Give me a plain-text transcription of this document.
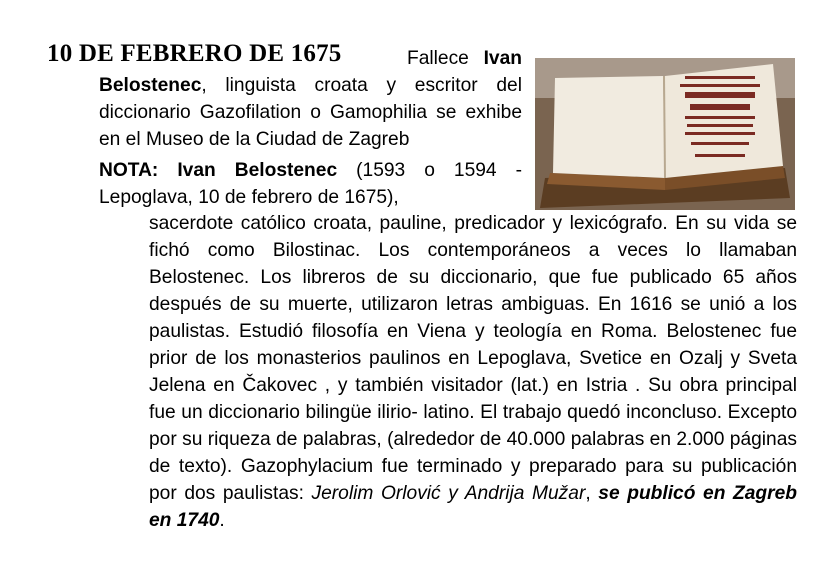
10 DE FEBRERO DE 1675	Fallece Ivan Belostenec, linguista croata y escritor del diccionario Gazofilation o Gamophilia se exhibe en el Museo de la Ciudad de Zagreb

NOTA: Ivan Belostenec (1593 o 1594 - Lepoglava, 10 de febrero de 1675),

sacerdote católico croata, pauline, predicador y lexicógrafo. En su vida se fichó como Bilostinac. Los contemporáneos a veces lo llamaban Belostenec. Los libreros de su diccionario, que fue publicado 65 años después de su muerte, utilizaron letras ambiguas. En 1616 se unió a los paulistas. Estudió filosofía en Viena y teología en Roma. Belostenec fue prior de los monasterios paulinos en Lepoglava, Svetice en Ozalj y Sveta Jelena en Čakovec , y también visitador (lat.) en Istria . Su obra principal fue un diccionario bilingüe ilirio- latino. El trabajo quedó inconcluso. Excepto por su riqueza de palabras, (alrededor de 40.000 palabras en 2.000 páginas de texto). Gazophylacium fue terminado y preparado para su publicación por dos paulistas: Jerolim Orlović y Andrija Mužar, se publicó en Zagreb en 1740.
